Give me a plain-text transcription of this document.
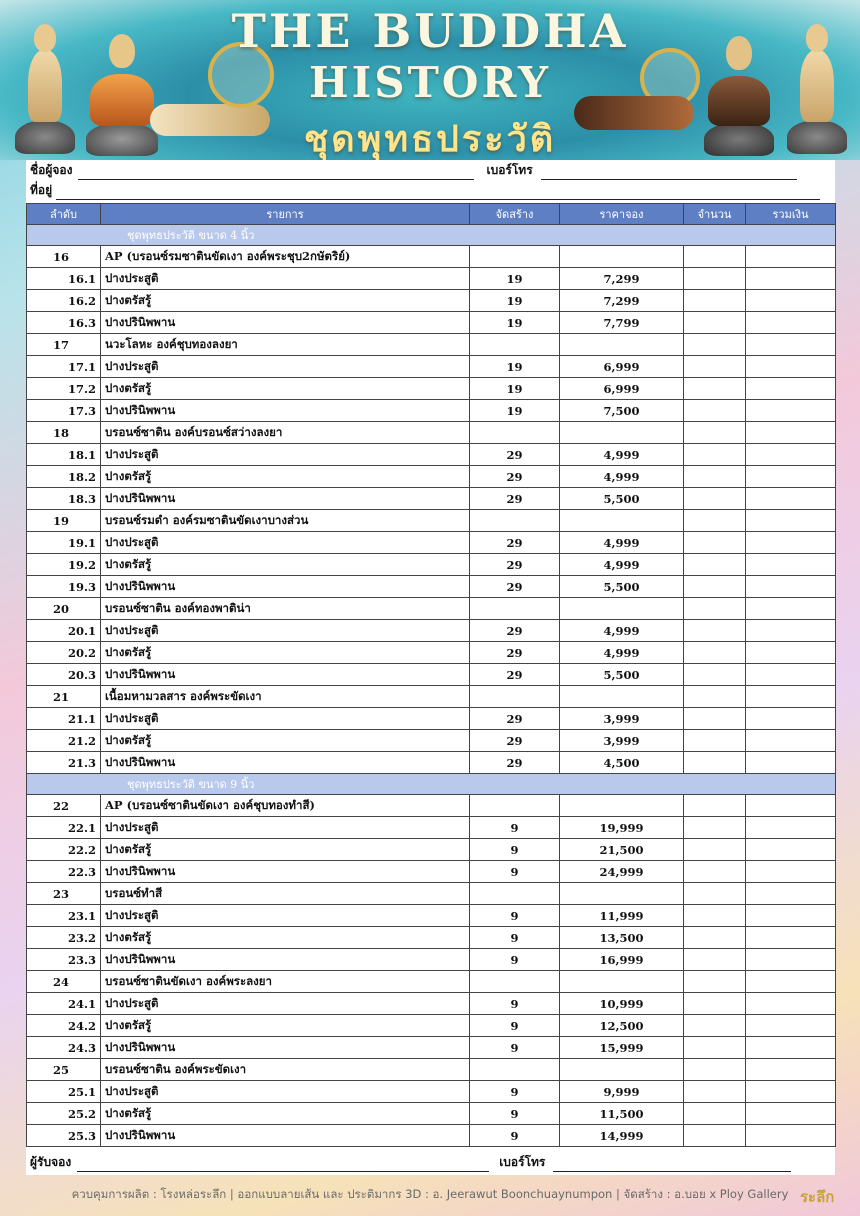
THE BUDDHA
HISTORY
ชุดพุทธประวัติ
ชื่อผู้จอง	เบอร์โทร
ที่อยู่
ลำดับ	รายการ	จัดสร้าง	ราคาจอง	จำนวน	รวมเงิน
ชุดพุทธประวัติ ขนาด 4 นิ้ว					
16	AP (บรอนซ์รมซาตินขัดเงา องค์พระชุบ2กษัตริย์)				
16.1	ปางประสูติ	19	7,299		
16.2	ปางตรัสรู้	19	7,299		
16.3	ปางปรินิพพาน	19	7,799		
17	นวะโลหะ องค์ชุบทองลงยา				
17.1	ปางประสูติ	19	6,999		
17.2	ปางตรัสรู้	19	6,999		
17.3	ปางปรินิพพาน	19	7,500		
18	บรอนซ์ซาติน องค์บรอนซ์สว่างลงยา				
18.1	ปางประสูติ	29	4,999		
18.2	ปางตรัสรู้	29	4,999		
18.3	ปางปรินิพพาน	29	5,500		
19	บรอนซ์รมดำ องค์รมซาตินขัดเงาบางส่วน				
19.1	ปางประสูติ	29	4,999		
19.2	ปางตรัสรู้	29	4,999		
19.3	ปางปรินิพพาน	29	5,500		
20	บรอนซ์ซาติน องค์ทองพาติน่า				
20.1	ปางประสูติ	29	4,999		
20.2	ปางตรัสรู้	29	4,999		
20.3	ปางปรินิพพาน	29	5,500		
21	เนื้อมหามวลสาร องค์พระขัดเงา				
21.1	ปางประสูติ	29	3,999		
21.2	ปางตรัสรู้	29	3,999		
21.3	ปางปรินิพพาน	29	4,500		
ชุดพุทธประวัติ ขนาด 9 นิ้ว					
22	AP (บรอนซ์ซาตินขัดเงา องค์ชุบทองทำสี)				
22.1	ปางประสูติ	9	19,999		
22.2	ปางตรัสรู้	9	21,500		
22.3	ปางปรินิพพาน	9	24,999		
23	บรอนซ์ทำสี				
23.1	ปางประสูติ	9	11,999		
23.2	ปางตรัสรู้	9	13,500		
23.3	ปางปรินิพพาน	9	16,999		
24	บรอนซ์ซาตินขัดเงา องค์พระลงยา				
24.1	ปางประสูติ	9	10,999		
24.2	ปางตรัสรู้	9	12,500		
24.3	ปางปรินิพพาน	9	15,999		
25	บรอนซ์ซาติน องค์พระขัดเงา				
25.1	ปางประสูติ	9	9,999		
25.2	ปางตรัสรู้	9	11,500		
25.3	ปางปรินิพพาน	9	14,999		
ผู้รับจอง	เบอร์โทร
ควบคุมการผลิต : โรงหล่อระลึก | ออกแบบลายเส้น และ ประติมากร 3D : อ. Jeerawut Boonchuaynumpon | จัดสร้าง : อ.บอย x Ploy Gallery ระลึก
